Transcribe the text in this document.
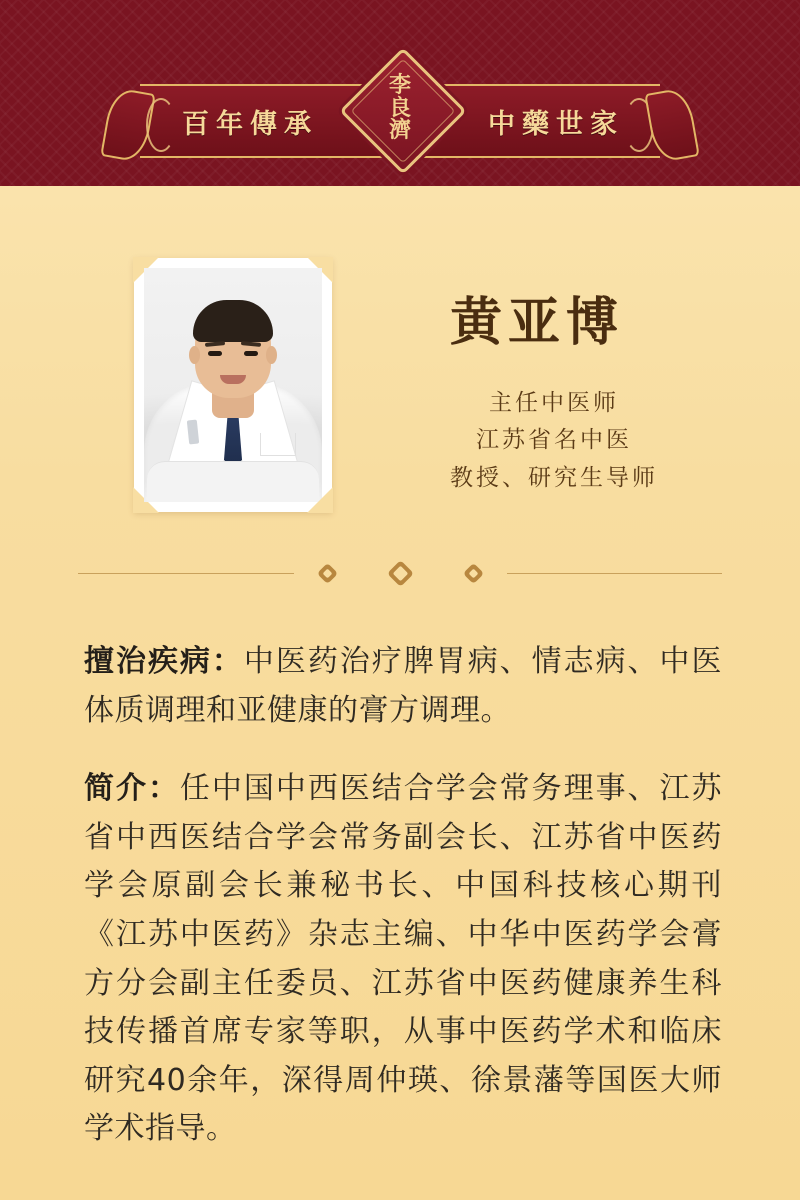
百年傳承	中藥世家
李
良
濟
黄亚博
主任中医师
江苏省名中医
教授、研究生导师

擅治疾病：中医药治疗脾胃病、情志病、中医体质调理和亚健康的膏方调理。

简介：任中国中西医结合学会常务理事、江苏省中西医结合学会常务副会长、江苏省中医药学会原副会长兼秘书长、中国科技核心期刊《江苏中医药》杂志主编、中华中医药学会膏方分会副主任委员、江苏省中医药健康养生科技传播首席专家等职，从事中医药学术和临床研究40余年，深得周仲瑛、徐景藩等国医大师学术指导。
